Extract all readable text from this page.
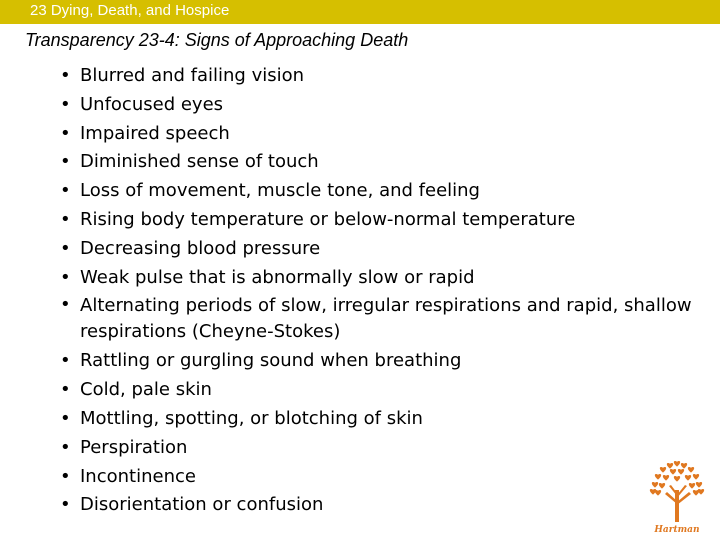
23 Dying, Death, and Hospice
Transparency 23-4: Signs of Approaching Death
• Blurred and failing vision
• Unfocused eyes
• Impaired speech
• Diminished sense of touch
• Loss of movement, muscle tone, and feeling
• Rising body temperature or below-normal temperature
• Decreasing blood pressure
• Weak pulse that is abnormally slow or rapid
• Alternating periods of slow, irregular respirations and rapid, shallow respirations (Cheyne-Stokes)
• Rattling or gurgling sound when breathing
• Cold, pale skin
• Mottling, spotting, or blotching of skin
• Perspiration
• Incontinence
• Disorientation or confusion
Hartman
